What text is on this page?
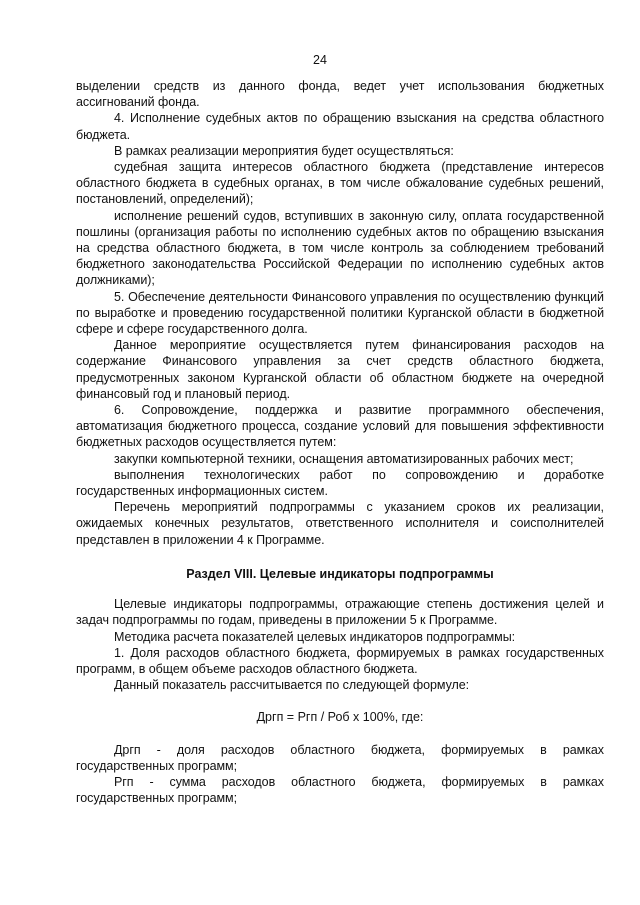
24

выделении средств из данного фонда, ведет учет использования бюджетных ассигнований фонда.

4. Исполнение судебных актов по обращению взыскания на средства областного бюджета.

В рамках реализации мероприятия будет осуществляться:

судебная защита интересов областного бюджета (представление интересов областного бюджета в судебных органах, в том числе обжалование судебных решений, постановлений, определений);

исполнение решений судов, вступивших в законную силу, оплата государственной пошлины (организация работы по исполнению судебных актов по обращению взыскания на средства областного бюджета, в том числе контроль за соблюдением требований бюджетного законодательства Российской Федерации по исполнению судебных актов должниками);

5. Обеспечение деятельности Финансового управления по осуществлению функций по выработке и проведению государственной политики Курганской области в бюджетной сфере и сфере государственного долга.

Данное мероприятие осуществляется путем финансирования расходов на содержание Финансового управления за счет средств областного бюджета, предусмотренных законом Курганской области об областном бюджете на очередной финансовый год и плановый период.

6. Сопровождение, поддержка и развитие программного обеспечения, автоматизация бюджетного процесса, создание условий для повышения эффективности бюджетных расходов осуществляется путем:

закупки компьютерной техники, оснащения автоматизированных рабочих мест;

выполнения технологических работ по сопровождению и доработке государственных информационных систем.

Перечень мероприятий подпрограммы с указанием сроков их реализации, ожидаемых конечных результатов, ответственного исполнителя и соисполнителей представлен в приложении 4 к Программе.

Раздел VIII. Целевые индикаторы подпрограммы

Целевые индикаторы подпрограммы, отражающие степень достижения целей и задач подпрограммы по годам, приведены в приложении 5 к Программе.

Методика расчета показателей целевых индикаторов подпрограммы:

1. Доля расходов областного бюджета, формируемых в рамках государственных программ, в общем объеме расходов областного бюджета.

Данный показатель рассчитывается по следующей формуле:

Дргп = Ргп / Роб х 100%, где:

Дргп - доля расходов областного бюджета, формируемых в рамках государственных программ;

Ргп - сумма расходов областного бюджета, формируемых в рамках государственных программ;
